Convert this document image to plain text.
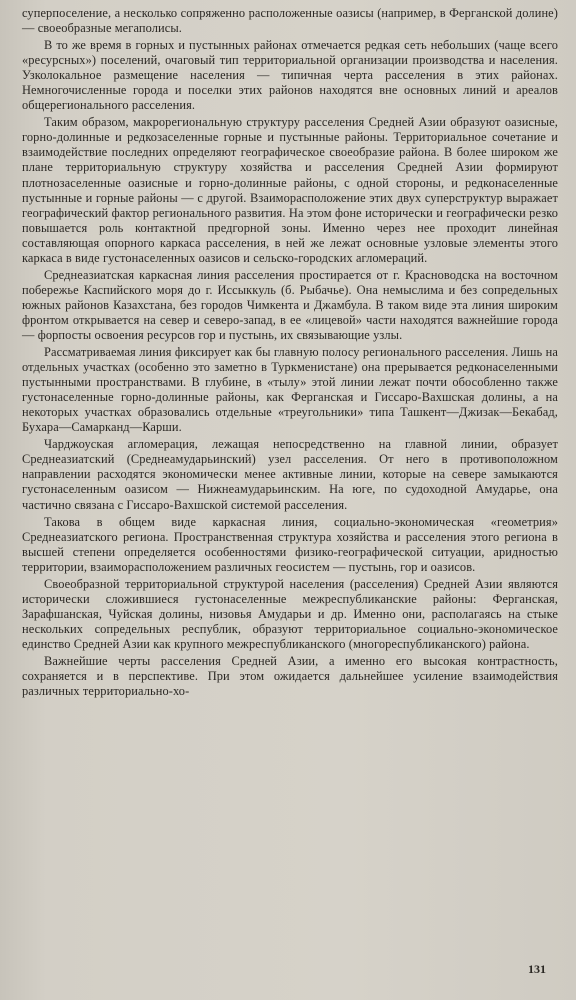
суперпоселение, а несколько сопряженно расположенные оазисы (например, в Ферганской долине) — своеобразные мегаполисы.

В то же время в горных и пустынных районах отмечается редкая сеть небольших (чаще всего «ресурсных») поселений, очаговый тип территориальной организации производства и населения. Узколокальное размещение населения — типичная черта расселения в этих районах. Немногочисленные города и поселки этих районов находятся вне основных линий и ареалов общерегионального расселения.

Таким образом, макрорегиональную структуру расселения Средней Азии образуют оазисные, горно-долинные и редкозаселенные горные и пустынные районы. Территориальное сочетание и взаимодействие последних определяют географическое своеобразие района. В более широком же плане территориальную структуру хозяйства и расселения Средней Азии формируют плотнозаселенные оазисные и горно-долинные районы, с одной стороны, и редконаселенные пустынные и горные районы — с другой. Взаиморасположение этих двух суперструктур выражает географический фактор регионального развития. На этом фоне исторически и географически резко повышается роль контактной предгорной зоны. Именно через нее проходит линейная составляющая опорного каркаса расселения, в ней же лежат основные узловые элементы этого каркаса в виде густонаселенных оазисов и сельско-городских агломераций.

Среднеазиатская каркасная линия расселения простирается от г. Красноводска на восточном побережье Каспийского моря до г. Иссыккуль (б. Рыбачье). Она немыслима и без сопредельных южных районов Казахстана, без городов Чимкента и Джамбула. В таком виде эта линия широким фронтом открывается на север и северо-запад, в ее «лицевой» части находятся важнейшие города — форпосты освоения ресурсов гор и пустынь, их связывающие узлы.

Рассматриваемая линия фиксирует как бы главную полосу регионального расселения. Лишь на отдельных участках (особенно это заметно в Туркменистане) она прерывается редконаселенными пустынными пространствами. В глубине, в «тылу» этой линии лежат почти обособленно также густонаселенные горно-долинные районы, как Ферганская и Гиссаро-Вахшская долины, а на некоторых участках образовались отдельные «треугольники» типа Ташкент—Джизак—Бекабад, Бухара—Самарканд—Карши.

Чарджоуская агломерация, лежащая непосредственно на главной линии, образует Среднеазиатский (Среднеамударьинский) узел расселения. От него в противоположном направлении расходятся экономически менее активные линии, которые на севере замыкаются густонаселенным оазисом — Нижнеамударьинским. На юге, по судоходной Амударье, она частично связана с Гиссаро-Вахшской системой расселения.

Такова в общем виде каркасная линия, социально-экономическая «геометрия» Среднеазиатского региона. Пространственная структура хозяйства и расселения этого региона в высшей степени определяется особенностями физико-географической ситуации, аридностью территории, взаиморасположением различных геосистем — пустынь, гор и оазисов.

Своеобразной территориальной структурой населения (расселения) Средней Азии являются исторически сложившиеся густонаселенные межреспубликанские районы: Ферганская, Зарафшанская, Чуйская долины, низовья Амударьи и др. Именно они, располагаясь на стыке нескольких сопредельных республик, образуют территориальное социально-экономическое единство Средней Азии как крупного межреспубликанского (многореспубликанского) района.

Важнейшие черты расселения Средней Азии, а именно его высокая контрастность, сохраняется и в перспективе. При этом ожидается дальнейшее усиление взаимодействия различных территориально-хо-

131
